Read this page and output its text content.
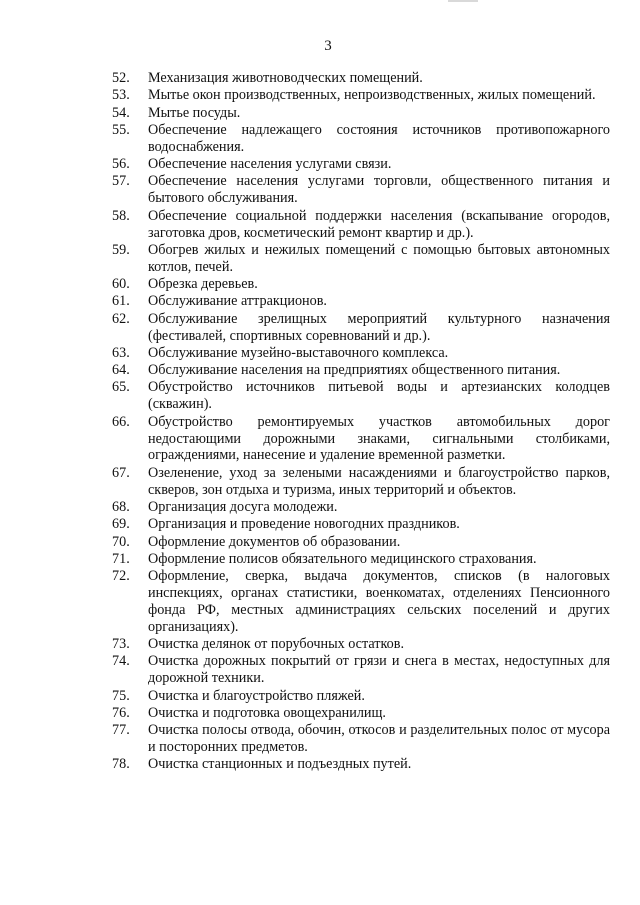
3
52.	Механизация животноводческих помещений.
53.	Мытье окон производственных, непроизводственных, жилых помещений.
54.	Мытье посуды.
55.	Обеспечение надлежащего состояния источников противопожарного водоснабжения.
56.	Обеспечение населения услугами связи.
57.	Обеспечение населения услугами торговли, общественного питания и бытового обслуживания.
58.	Обеспечение социальной поддержки населения (вскапывание огородов, заготовка дров, косметический ремонт квартир и др.).
59.	Обогрев жилых и нежилых помещений с помощью бытовых автономных котлов, печей.
60.	Обрезка деревьев.
61.	Обслуживание аттракционов.
62.	Обслуживание зрелищных мероприятий культурного назначения (фестивалей, спортивных соревнований и др.).
63.	Обслуживание музейно-выставочного комплекса.
64.	Обслуживание населения на предприятиях общественного питания.
65.	Обустройство источников питьевой воды и артезианских колодцев (скважин).
66.	Обустройство ремонтируемых участков автомобильных дорог недостающими дорожными знаками, сигнальными столбиками, ограждениями, нанесение и удаление временной разметки.
67.	Озеленение, уход за зелеными насаждениями и благоустройство парков, скверов, зон отдыха и туризма, иных территорий и объектов.
68.	Организация досуга молодежи.
69.	Организация и проведение новогодних праздников.
70.	Оформление документов об образовании.
71.	Оформление полисов обязательного медицинского страхования.
72.	Оформление, сверка, выдача документов, списков (в налоговых инспекциях, органах статистики, военкоматах, отделениях Пенсионного фонда РФ, местных администрациях сельских поселений и других организациях).
73.	Очистка делянок от порубочных остатков.
74.	Очистка дорожных покрытий от грязи и снега в местах, недоступных для дорожной техники.
75.	Очистка и благоустройство пляжей.
76.	Очистка и подготовка овощехранилищ.
77.	Очистка полосы отвода, обочин, откосов и разделительных полос от мусора и посторонних предметов.
78.	Очистка станционных и подъездных путей.
